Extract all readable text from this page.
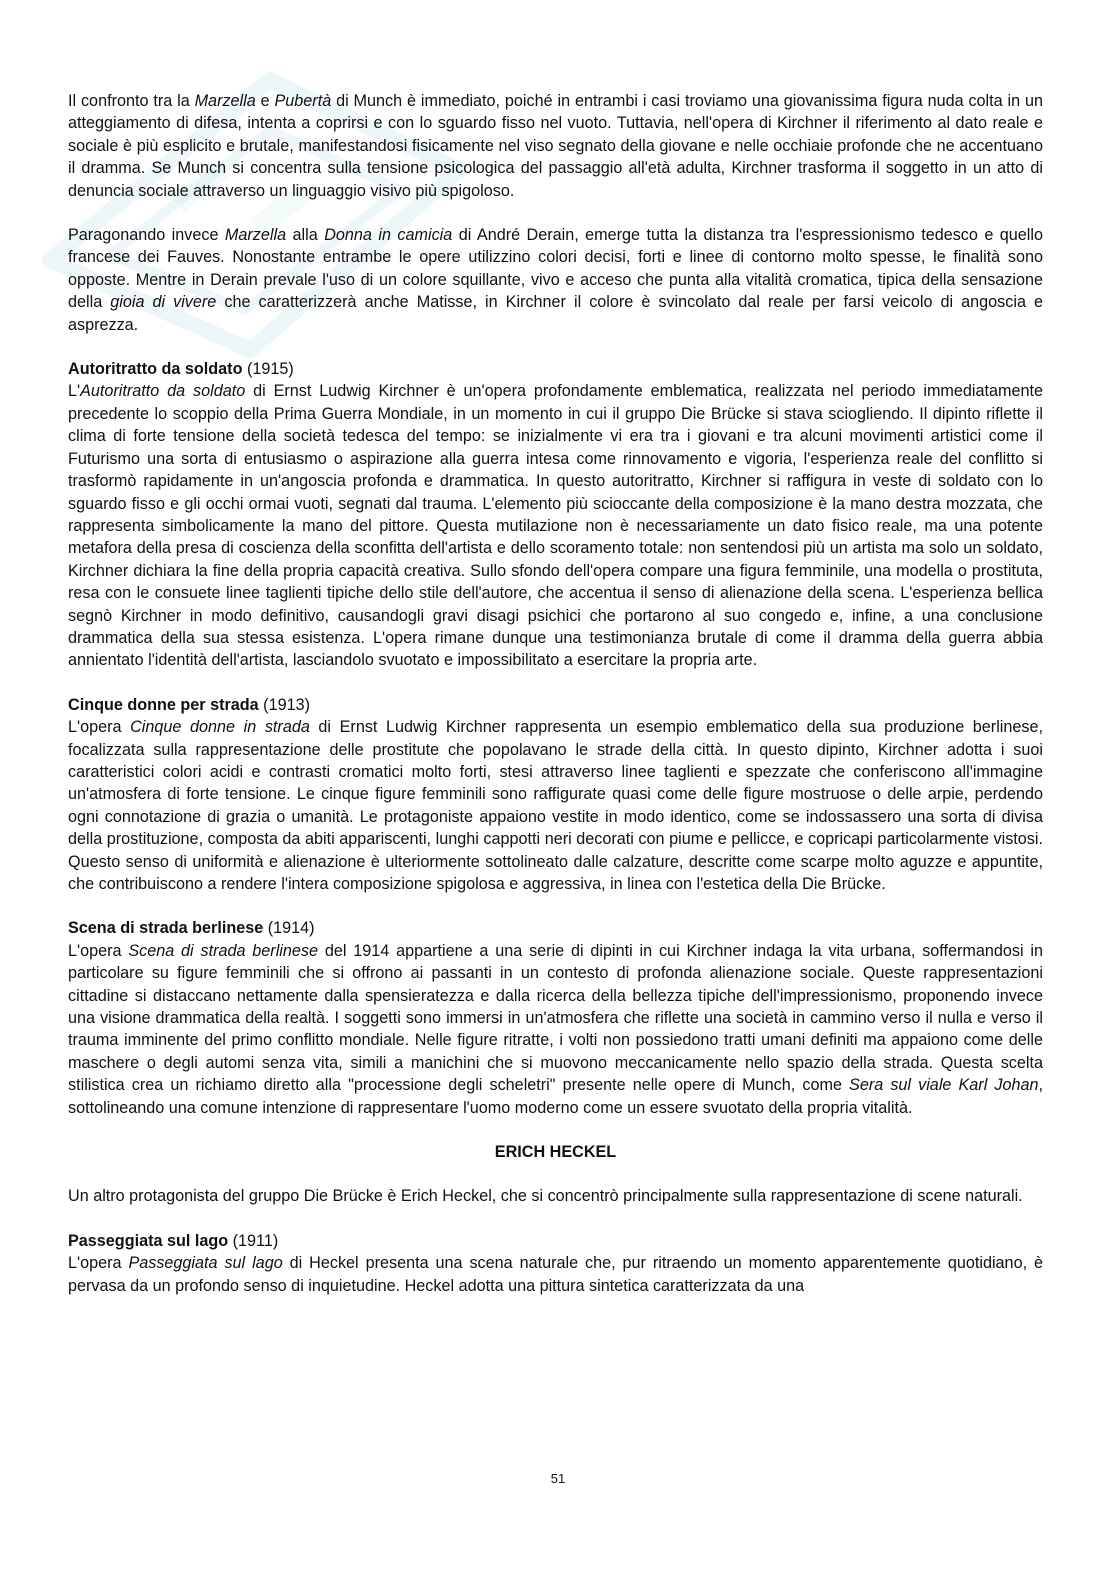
Il confronto tra la Marzella e Pubertà di Munch è immediato, poiché in entrambi i casi troviamo una giovanissima figura nuda colta in un atteggiamento di difesa, intenta a coprirsi e con lo sguardo fisso nel vuoto. Tuttavia, nell'opera di Kirchner il riferimento al dato reale e sociale è più esplicito e brutale, manifestandosi fisicamente nel viso segnato della giovane e nelle occhiaie profonde che ne accentuano il dramma. Se Munch si concentra sulla tensione psicologica del passaggio all'età adulta, Kirchner trasforma il soggetto in un atto di denuncia sociale attraverso un linguaggio visivo più spigoloso.

Paragonando invece Marzella alla Donna in camicia di André Derain, emerge tutta la distanza tra l'espressionismo tedesco e quello francese dei Fauves. Nonostante entrambe le opere utilizzino colori decisi, forti e linee di contorno molto spesse, le finalità sono opposte. Mentre in Derain prevale l'uso di un colore squillante, vivo e acceso che punta alla vitalità cromatica, tipica della sensazione della gioia di vivere che caratterizzerà anche Matisse, in Kirchner il colore è svincolato dal reale per farsi veicolo di angoscia e asprezza.

Autoritratto da soldato (1915)

L'Autoritratto da soldato di Ernst Ludwig Kirchner è un'opera profondamente emblematica, realizzata nel periodo immediatamente precedente lo scoppio della Prima Guerra Mondiale, in un momento in cui il gruppo Die Brücke si stava sciogliendo. Il dipinto riflette il clima di forte tensione della società tedesca del tempo: se inizialmente vi era tra i giovani e tra alcuni movimenti artistici come il Futurismo una sorta di entusiasmo o aspirazione alla guerra intesa come rinnovamento e vigoria, l'esperienza reale del conflitto si trasformò rapidamente in un'angoscia profonda e drammatica. In questo autoritratto, Kirchner si raffigura in veste di soldato con lo sguardo fisso e gli occhi ormai vuoti, segnati dal trauma. L'elemento più scioccante della composizione è la mano destra mozzata, che rappresenta simbolicamente la mano del pittore. Questa mutilazione non è necessariamente un dato fisico reale, ma una potente metafora della presa di coscienza della sconfitta dell'artista e dello scoramento totale: non sentendosi più un artista ma solo un soldato, Kirchner dichiara la fine della propria capacità creativa. Sullo sfondo dell'opera compare una figura femminile, una modella o prostituta, resa con le consuete linee taglienti tipiche dello stile dell'autore, che accentua il senso di alienazione della scena. L'esperienza bellica segnò Kirchner in modo definitivo, causandogli gravi disagi psichici che portarono al suo congedo e, infine, a una conclusione drammatica della sua stessa esistenza. L'opera rimane dunque una testimonianza brutale di come il dramma della guerra abbia annientato l'identità dell'artista, lasciandolo svuotato e impossibilitato a esercitare la propria arte.

Cinque donne per strada (1913)

L'opera Cinque donne in strada di Ernst Ludwig Kirchner rappresenta un esempio emblematico della sua produzione berlinese, focalizzata sulla rappresentazione delle prostitute che popolavano le strade della città. In questo dipinto, Kirchner adotta i suoi caratteristici colori acidi e contrasti cromatici molto forti, stesi attraverso linee taglienti e spezzate che conferiscono all'immagine un'atmosfera di forte tensione. Le cinque figure femminili sono raffigurate quasi come delle figure mostruose o delle arpie, perdendo ogni connotazione di grazia o umanità. Le protagoniste appaiono vestite in modo identico, come se indossassero una sorta di divisa della prostituzione, composta da abiti appariscenti, lunghi cappotti neri decorati con piume e pellicce, e copricapi particolarmente vistosi. Questo senso di uniformità e alienazione è ulteriormente sottolineato dalle calzature, descritte come scarpe molto aguzze e appuntite, che contribuiscono a rendere l'intera composizione spigolosa e aggressiva, in linea con l'estetica della Die Brücke.

Scena di strada berlinese (1914)

L'opera Scena di strada berlinese del 1914 appartiene a una serie di dipinti in cui Kirchner indaga la vita urbana, soffermandosi in particolare su figure femminili che si offrono ai passanti in un contesto di profonda alienazione sociale. Queste rappresentazioni cittadine si distaccano nettamente dalla spensieratezza e dalla ricerca della bellezza tipiche dell'impressionismo, proponendo invece una visione drammatica della realtà. I soggetti sono immersi in un'atmosfera che riflette una società in cammino verso il nulla e verso il trauma imminente del primo conflitto mondiale. Nelle figure ritratte, i volti non possiedono tratti umani definiti ma appaiono come delle maschere o degli automi senza vita, simili a manichini che si muovono meccanicamente nello spazio della strada. Questa scelta stilistica crea un richiamo diretto alla "processione degli scheletri" presente nelle opere di Munch, come Sera sul viale Karl Johan, sottolineando una comune intenzione di rappresentare l'uomo moderno come un essere svuotato della propria vitalità.

ERICH HECKEL

Un altro protagonista del gruppo Die Brücke è Erich Heckel, che si concentrò principalmente sulla rappresentazione di scene naturali.

Passeggiata sul lago (1911)

L'opera Passeggiata sul lago di Heckel presenta una scena naturale che, pur ritraendo un momento apparentemente quotidiano, è pervasa da un profondo senso di inquietudine. Heckel adotta una pittura sintetica caratterizzata da una

51
